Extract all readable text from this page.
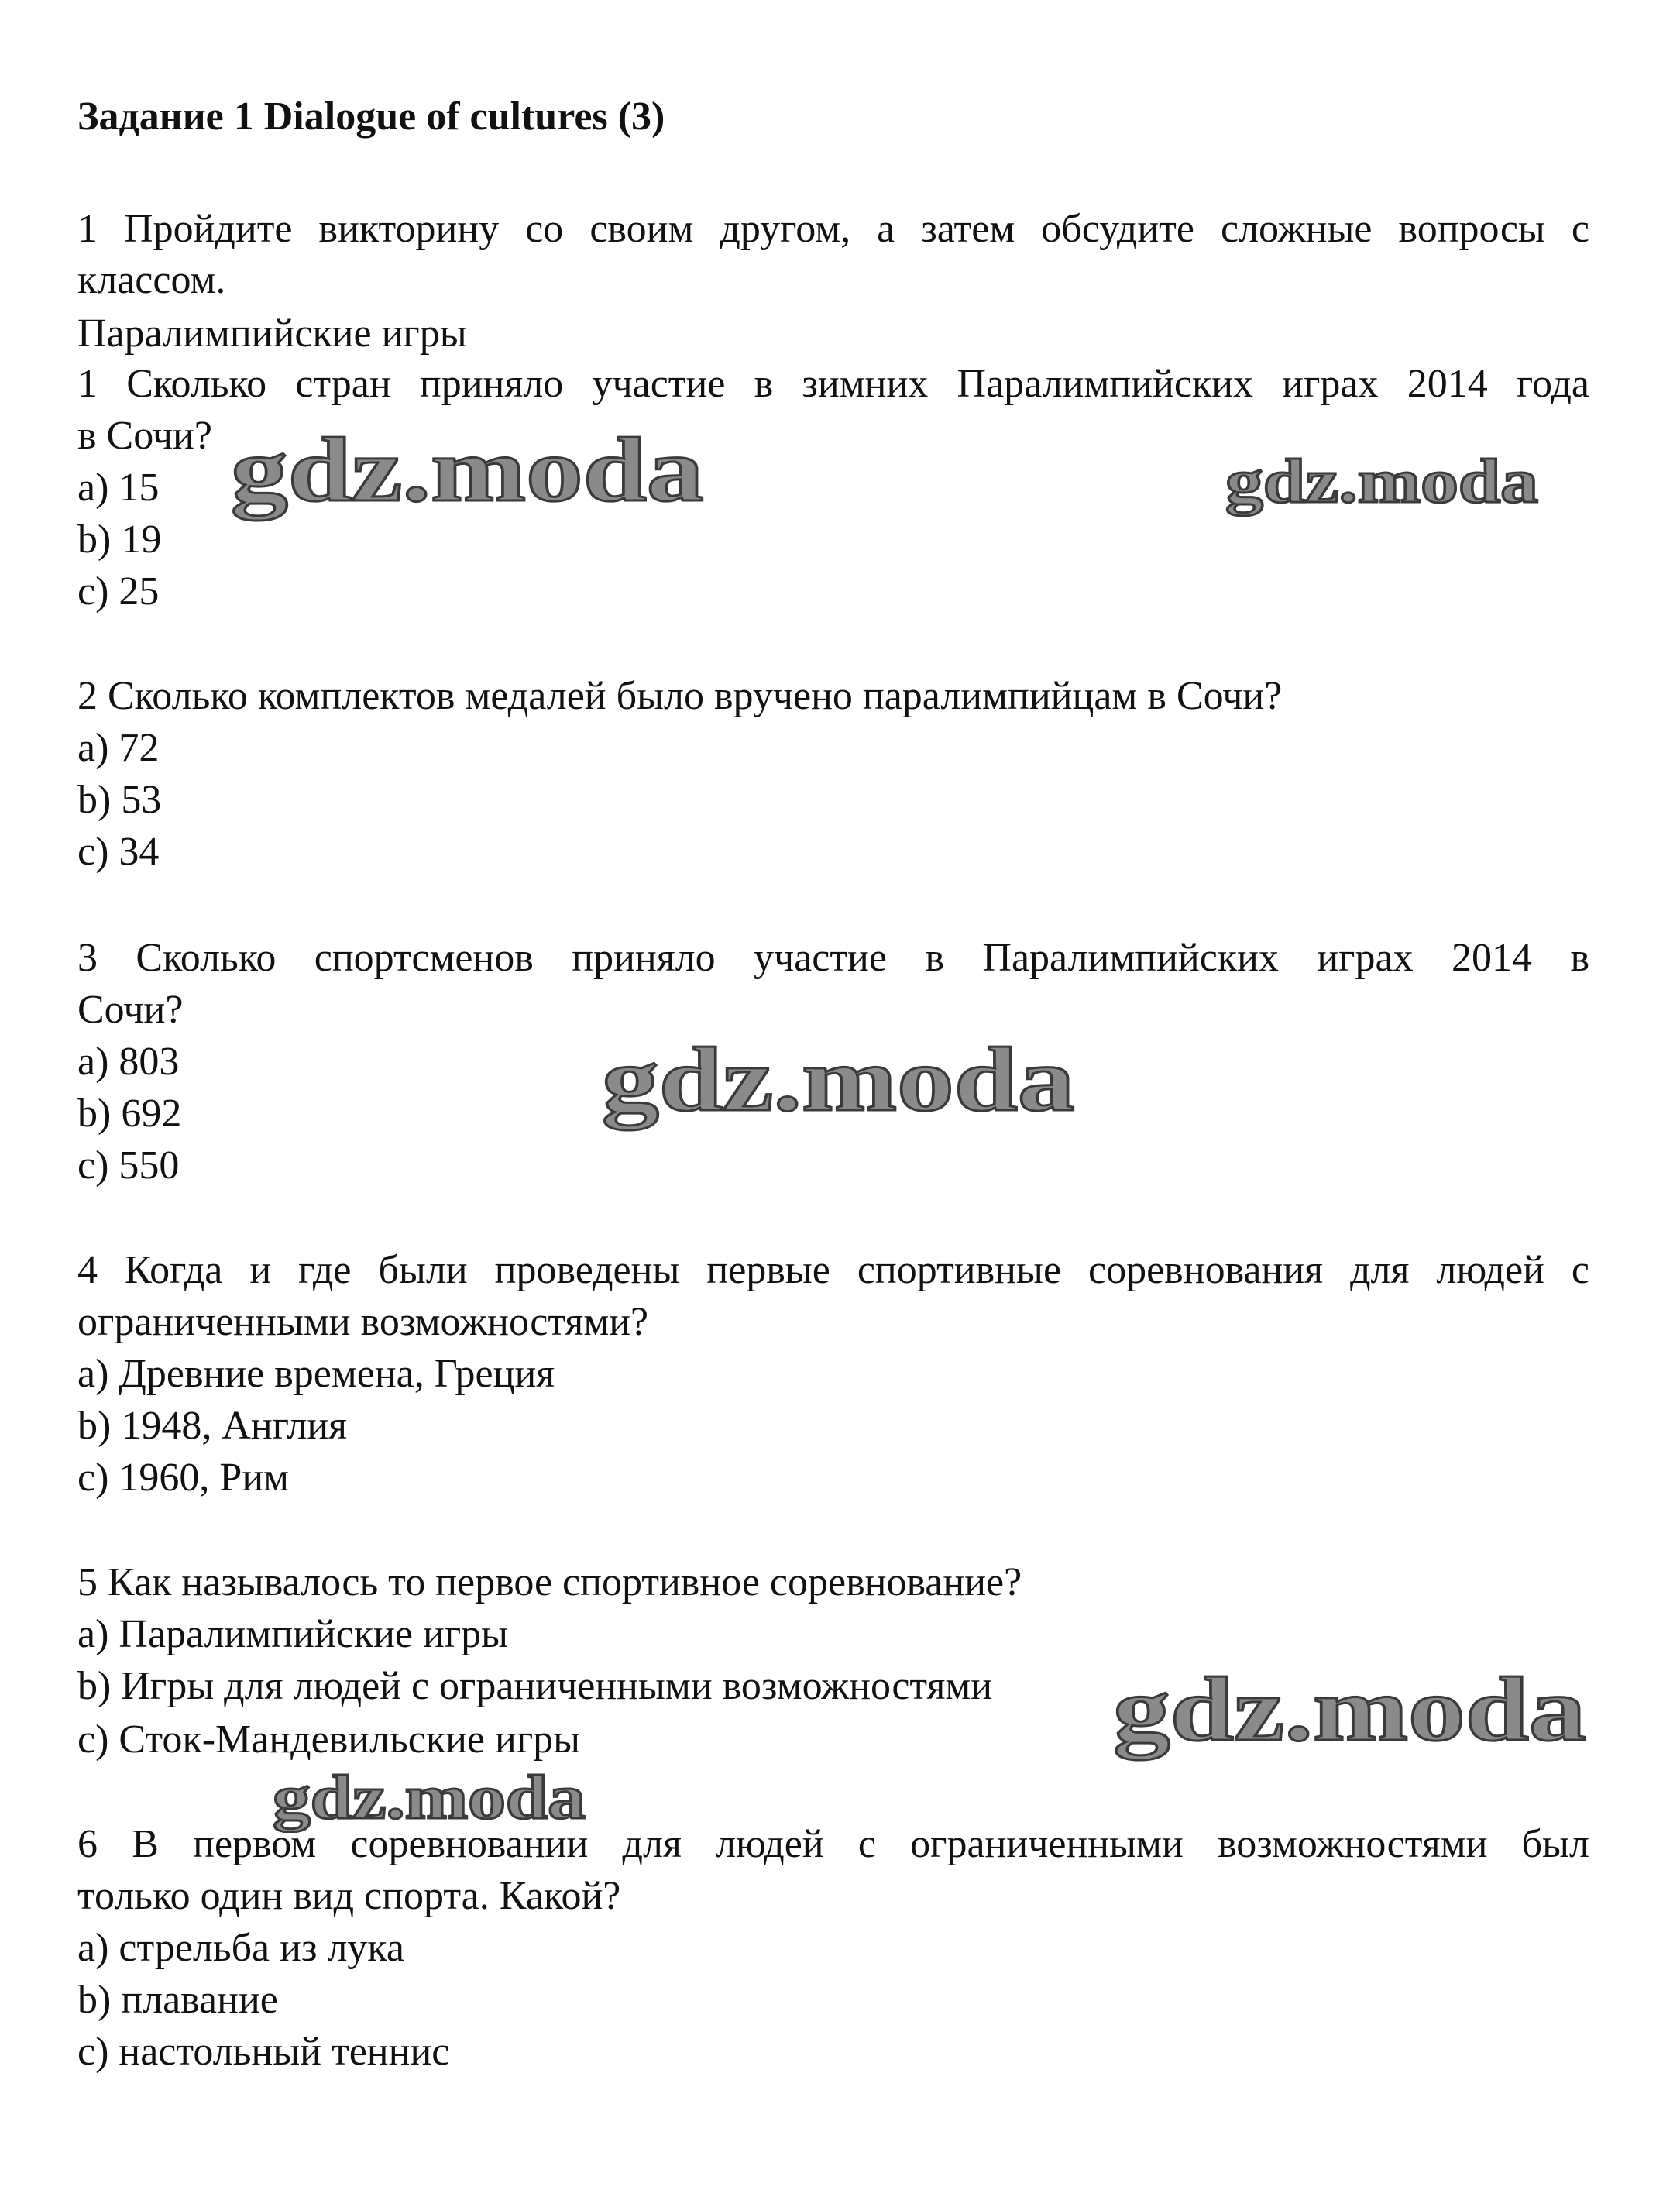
Задание 1 Dialogue of cultures (3)
1 Пройдите викторину со своим другом, а затем обсудите сложные вопросы с
классом.
Паралимпийские игры
1 Сколько стран приняло участие в зимних Паралимпийских играх 2014 года
в Сочи?
a) 15
b) 19
c) 25
2 Сколько комплектов медалей было вручено паралимпийцам в Сочи?
a) 72
b) 53
c) 34
3 Сколько спортсменов приняло участие в Паралимпийских играх 2014 в
Сочи?
a) 803
b) 692
c) 550
4 Когда и где были проведены первые спортивные соревнования для людей с
ограниченными возможностями?
a) Древние времена, Греция
b) 1948, Англия
c) 1960, Рим
5 Как называлось то первое спортивное соревнование?
a) Паралимпийские игры
b) Игры для людей с ограниченными возможностями
c) Сток-Мандевильские игры
6 В первом соревновании для людей с ограниченными возможностями был
только один вид спорта. Какой?
a) стрельба из лука
b) плавание
c) настольный теннис
gdz.moda	gdz.moda
gdz.moda
gdz.moda
gdz.moda
